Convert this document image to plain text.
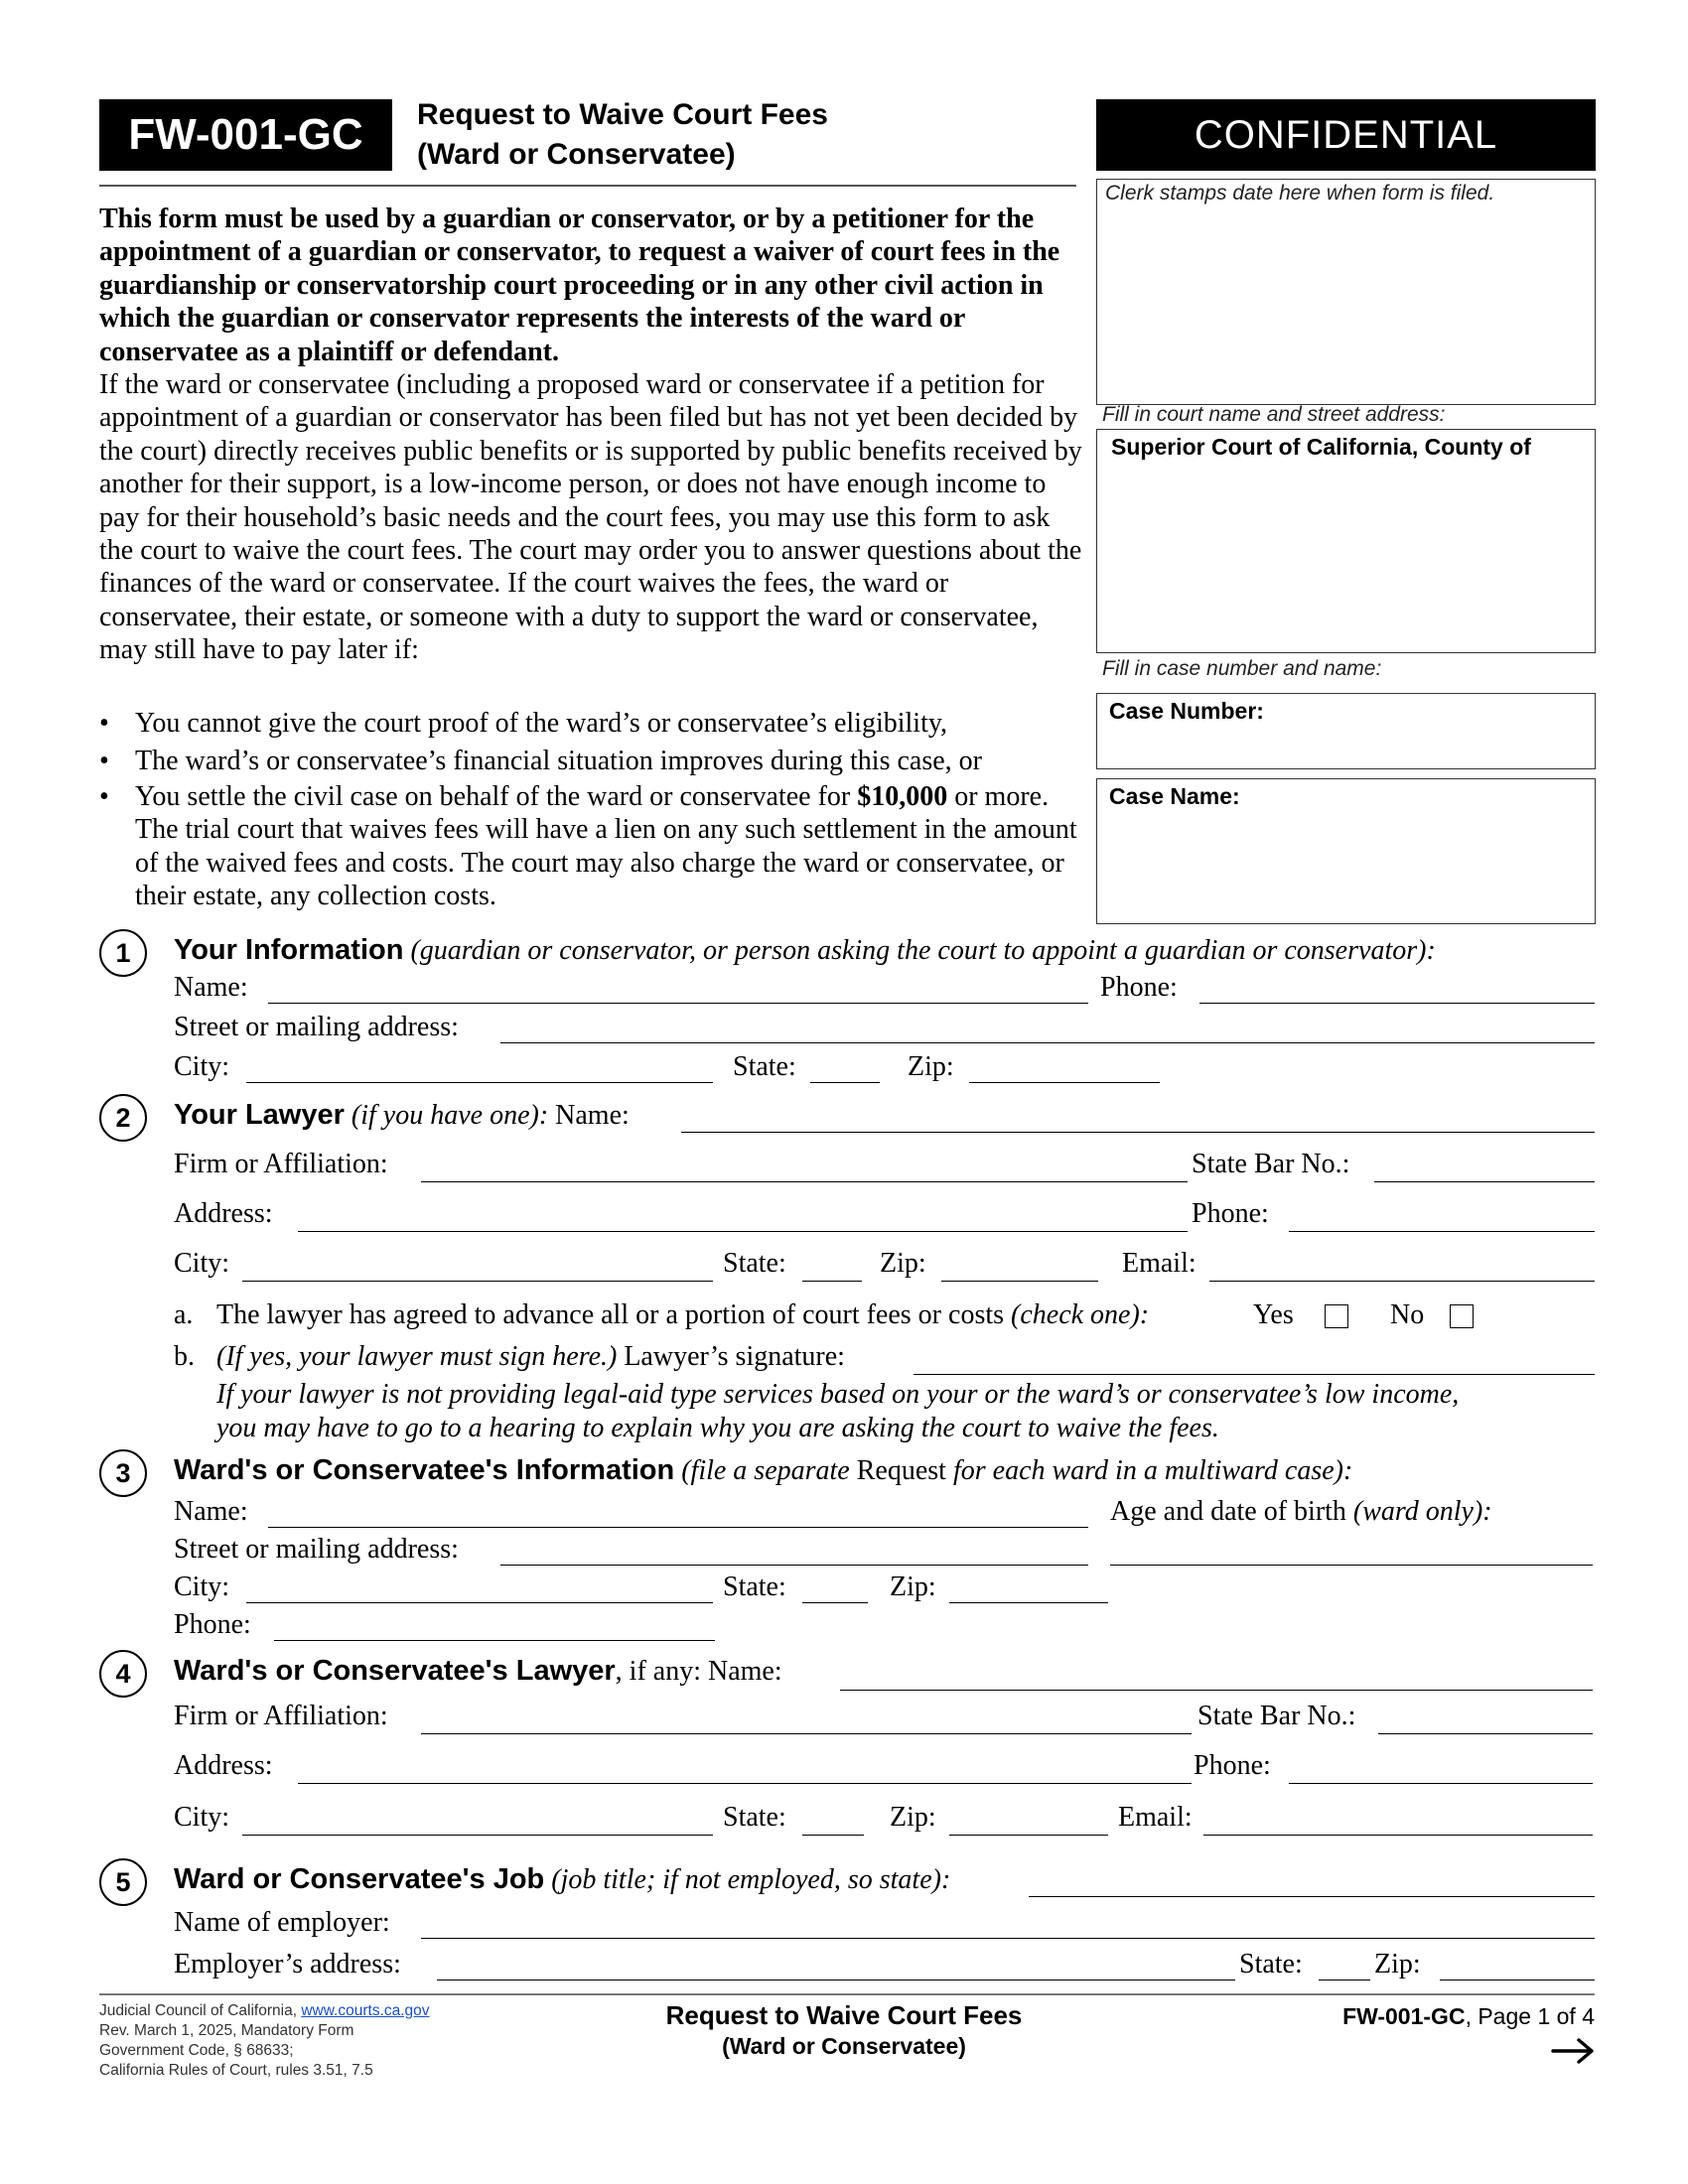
FW-001-GC	Request to Waive Court Fees
(Ward or Conservatee)	CONFIDENTIAL
Clerk stamps date here when form is filed.
Fill in court name and street address:
Superior Court of California, County of
Fill in case number and name:
Case Number:
Case Name:

This form must be used by a guardian or conservator, or by a petitioner for the appointment of a guardian or conservator, to request a waiver of court fees in the guardianship or conservatorship court proceeding or in any other civil action in which the guardian or conservator represents the interests of the ward or conservatee as a plaintiff or defendant.

If the ward or conservatee (including a proposed ward or conservatee if a petition for appointment of a guardian or conservator has been filed but has not yet been decided by the court) directly receives public benefits or is supported by public benefits received by another for their support, is a low-income person, or does not have enough income to pay for their household’s basic needs and the court fees, you may use this form to ask the court to waive the court fees. The court may order you to answer questions about the finances of the ward or conservatee. If the court waives the fees, the ward or conservatee, their estate, or someone with a duty to support the ward or conservatee, may still have to pay later if:

• You cannot give the court proof of the ward’s or conservatee’s eligibility,
• The ward’s or conservatee’s financial situation improves during this case, or
• You settle the civil case on behalf of the ward or conservatee for $10,000 or more. The trial court that waives fees will have a lien on any such settlement in the amount of the waived fees and costs. The court may also charge the ward or conservatee, or their estate, any collection costs.
1	Your Information (guardian or conservator, or person asking the court to appoint a guardian or conservator):
Name:	Phone:
Street or mailing address:
City:	State:	Zip:
2	Your Lawyer (if you have one): Name:
Firm or Affiliation:	State Bar No.:
Address:	Phone:
City:	State:	Zip:	Email:
a. The lawyer has agreed to advance all or a portion of court fees or costs (check one):	Yes	No
b. (If yes, your lawyer must sign here.) Lawyer’s signature:
If your lawyer is not providing legal-aid type services based on your or the ward’s or conservatee’s low income,
you may have to go to a hearing to explain why you are asking the court to waive the fees.
3	Ward's or Conservatee's Information (file a separate Request for each ward in a multiward case):
Name:	Age and date of birth (ward only):
Street or mailing address:
City:	State:	Zip:
Phone:
4	Ward's or Conservatee's Lawyer, if any: Name:
Firm or Affiliation:	State Bar No.:
Address:	Phone:
City:	State:	Zip:	Email:
5	Ward or Conservatee's Job (job title; if not employed, so state):
Name of employer:
Employer’s address:	State:	Zip:
Judicial Council of California, www.courts.ca.gov
Rev. March 1, 2025, Mandatory Form
Government Code, § 68633;
California Rules of Court, rules 3.51, 7.5
Request to Waive Court Fees
(Ward or Conservatee)
FW-001-GC, Page 1 of 4
